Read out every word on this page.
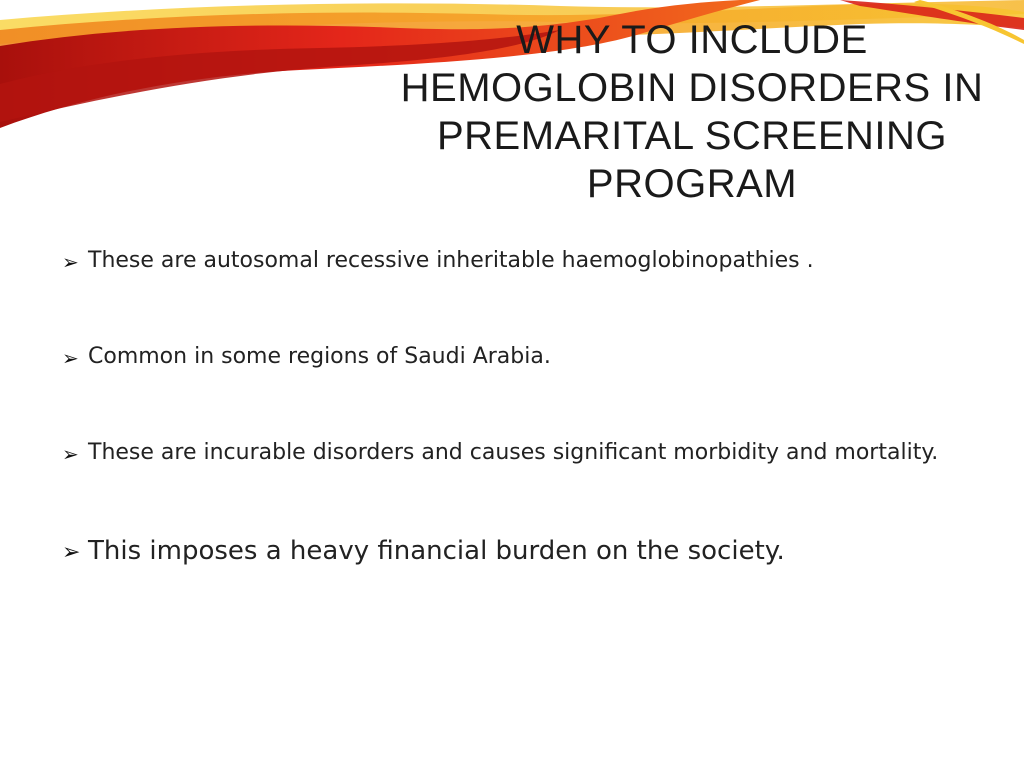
WHY TO INCLUDE
HEMOGLOBIN DISORDERS IN
PREMARITAL SCREENING
PROGRAM
➢ These are autosomal recessive inheritable haemoglobinopathies .
➢ Common in some regions of Saudi Arabia.
➢ These are incurable disorders and causes significant morbidity and mortality.
➢ This imposes a heavy financial burden on the society.
